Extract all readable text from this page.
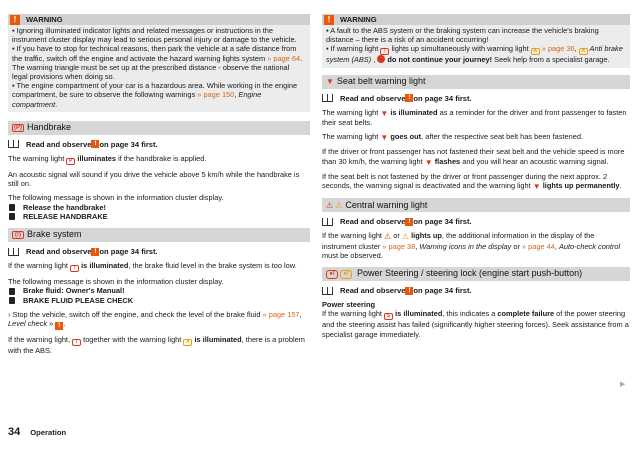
!	WARNING

▪ Ignoring illuminated indicator lights and related messages or instructions in the instrument cluster display may lead to serious personal injury or damage to the vehicle.

▪ If you have to stop for technical reasons, then park the vehicle at a safe distance from the traffic, switch off the engine and activate the hazard warning lights system » page 64. The warning triangle must be set up at the prescribed distance - observe the national legal provisions when doing so.

▪ The engine compartment of your car is a hazardous area. While working in the engine compartment, be sure to observe the following warnings » page 150, Engine compartment.

(P) Handbrake
Read and observe ! on page 34 first.

The warning light P illuminates if the handbrake is applied.

An acoustic signal will sound if you drive the vehicle above 5 km/h while the handbrake is still on.

The following message is shown in the information cluster display.

Release the handbrake!
RELEASE HANDBRAKE
(!) Brake system
Read and observe ! on page 34 first.

If the warning light ! is illuminated, the brake fluid level in the brake system is too low.

The following message is shown in the information cluster display.

Brake fluid: Owner's Manual!
BRAKE FLUID PLEASE CHECK

› Stop the vehicle, switch off the engine, and check the level of the brake fluid » page 157, Level check » ! .

If the warning light, ! together with the warning light A is illuminated, there is a problem with the ABS.

!	WARNING

▪ A fault to the ABS system or the braking system can increase the vehicle's braking distance – there is a risk of an accident occurring!

▪ If warning light ! lights up simultaneously with warning light A » page 36, A Anti brake system (ABS) ,  do not continue your journey! Seek help from a specialist garage.

▼ Seat belt warning light
Read and observe ! on page 34 first.

The warning light ▼ is illuminated as a reminder for the driver and front passenger to fasten their seat belts.

The warning light ▼ goes out, after the respective seat belt has been fastened.

If the driver or front passenger has not fastened their seat belt and the vehicle speed is more than 30 km/h, the warning light ▼ flashes and you will hear an acoustic warning signal.

If the seat belt is not fastened by the driver or front passenger during the next approx. 2 seconds, the warning signal is deactivated and the warning light ▼ lights up permanently.

⚠ ⚠ Central warning light
Read and observe ! on page 34 first.

If the warning light ⚠ or ⚠ lights up, the additional information in the display of the instrument cluster » page 38, Warning icons in the display or » page 44, Auto-check control must be observed.

●!	●! Power Steering / steering lock (engine start push-button)
Read and observe ! on page 34 first.

Power steering

If the warning light S is illuminated, this indicates a complete failure of the power steering and the steering assist has failed (significantly higher steering forces). Seek assistance from a specialist garage immediately.

▶
34 Operation
